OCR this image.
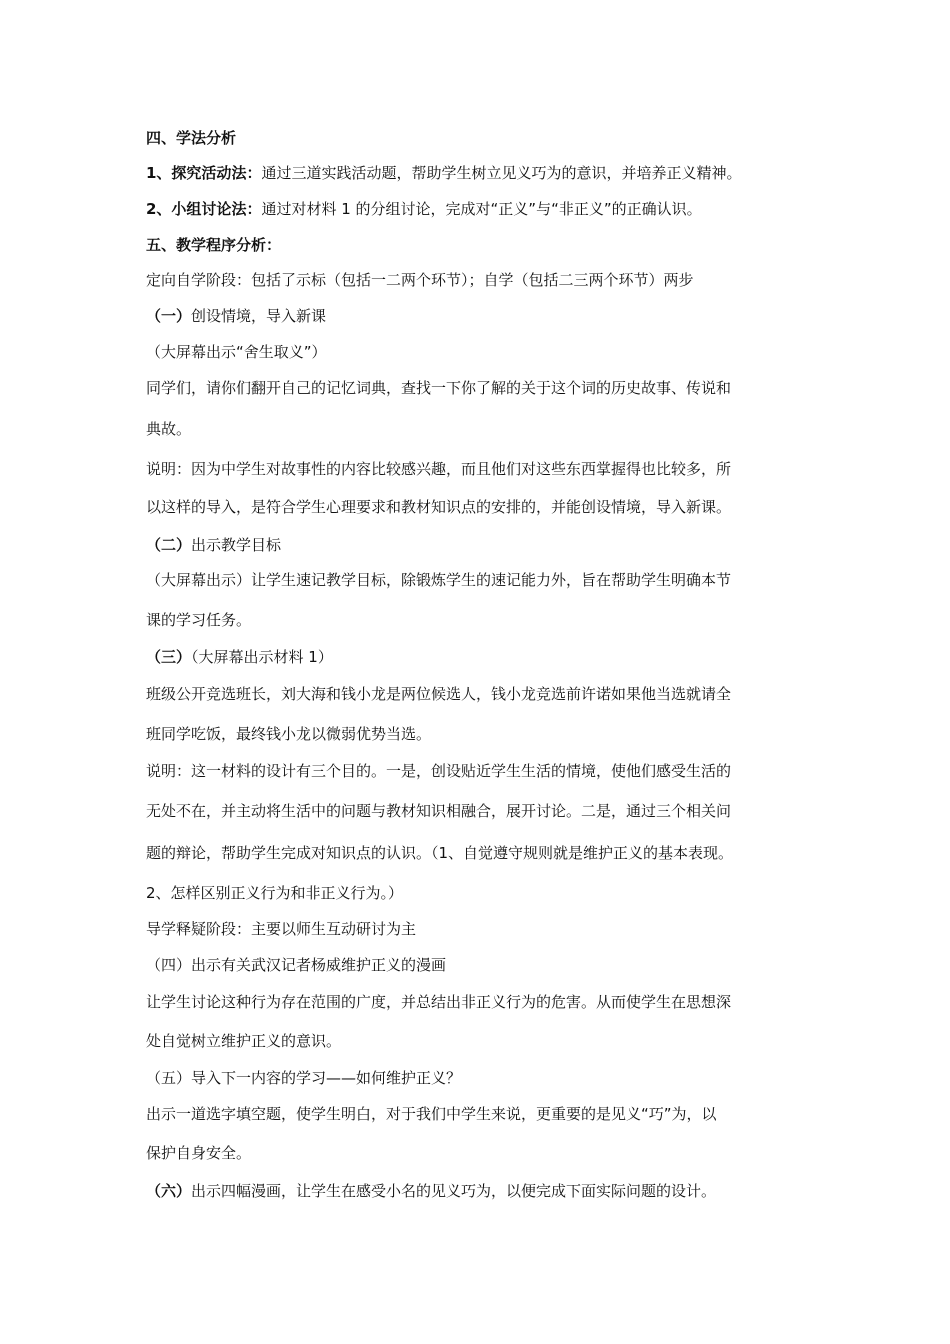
四、学法分析
1、探究活动法：通过三道实践活动题，帮助学生树立见义巧为的意识，并培养正义精神。
2、小组讨论法：通过对材料 1 的分组讨论，完成对“正义”与“非正义”的正确认识。
五、教学程序分析：
定向自学阶段：包括了示标（包括一二两个环节）；自学（包括二三两个环节）两步
（一）创设情境，导入新课
（大屏幕出示“舍生取义”）
同学们，请你们翻开自己的记忆词典，查找一下你了解的关于这个词的历史故事、传说和
典故。
说明：因为中学生对故事性的内容比较感兴趣，而且他们对这些东西掌握得也比较多，所
以这样的导入，是符合学生心理要求和教材知识点的安排的，并能创设情境，导入新课。
（二）出示教学目标
（大屏幕出示）让学生速记教学目标，除锻炼学生的速记能力外，旨在帮助学生明确本节
课的学习任务。
（三）（大屏幕出示材料 1）
班级公开竞选班长，刘大海和钱小龙是两位候选人，钱小龙竞选前许诺如果他当选就请全
班同学吃饭，最终钱小龙以微弱优势当选。
说明：这一材料的设计有三个目的。一是，创设贴近学生生活的情境，使他们感受生活的
无处不在，并主动将生活中的问题与教材知识相融合，展开讨论。二是，通过三个相关问
题的辩论，帮助学生完成对知识点的认识。（1、自觉遵守规则就是维护正义的基本表现。
2、怎样区别正义行为和非正义行为。）
导学释疑阶段：主要以师生互动研讨为主
（四）出示有关武汉记者杨威维护正义的漫画
让学生讨论这种行为存在范围的广度，并总结出非正义行为的危害。从而使学生在思想深
处自觉树立维护正义的意识。
（五）导入下一内容的学习——如何维护正义？
出示一道选字填空题，使学生明白，对于我们中学生来说，更重要的是见义“巧”为，以
保护自身安全。
（六）出示四幅漫画，让学生在感受小名的见义巧为，以便完成下面实际问题的设计。
